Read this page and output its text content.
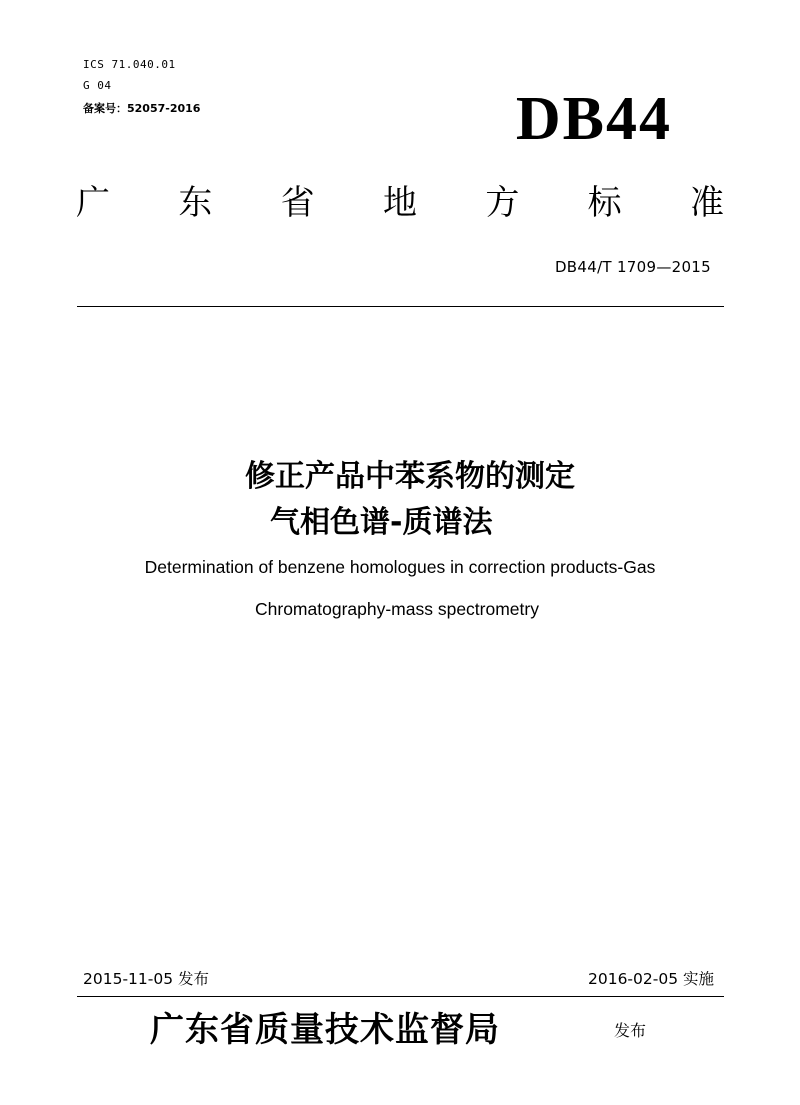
ICS 71.040.01
G 04
备案号：52057-2016	DB44
广 东 省 地 方 标 准
DB44/T 1709—2015
修正产品中苯系物的测定
气相色谱-质谱法
Determination of benzene homologues in correction products-Gas
Chromatography-mass spectrometry
2015-11-05 发布	2016-02-05 实施
广东省质量技术监督局	发布
